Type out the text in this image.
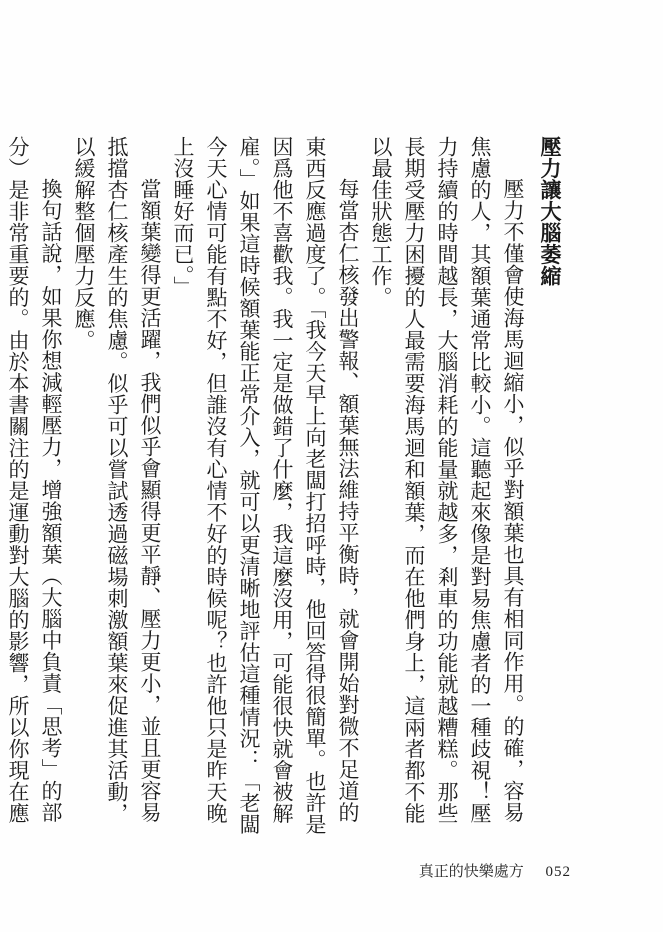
壓力讓大腦萎縮

壓力不僅會使海馬迴縮小，似乎對額葉也具有相同作用。的確，容易焦慮的人，其額葉通常比較小。這聽起來像是對易焦慮者的一種歧視！壓力持續的時間越長，大腦消耗的能量就越多，剎車的功能就越糟糕。那些長期受壓力困擾的人最需要海馬迴和額葉，而在他們身上，這兩者都不能以最佳狀態工作。

每當杏仁核發出警報、額葉無法維持平衡時，就會開始對微不足道的東西反應過度了。「我今天早上向老闆打招呼時，他回答得很簡單。也許是因爲他不喜歡我。我一定是做錯了什麼，我這麼沒用，可能很快就會被解雇。」如果這時候額葉能正常介入，就可以更清晰地評估這種情況：「老闆今天心情可能有點不好，但誰沒有心情不好的時候呢？也許他只是昨天晚上沒睡好而已。」

當額葉變得更活躍，我們似乎會顯得更平靜、壓力更小，並且更容易抵擋杏仁核產生的焦慮。似乎可以嘗試透過磁場刺激額葉來促進其活動，以緩解整個壓力反應。

換句話說，如果你想減輕壓力，增強額葉（大腦中負責「思考」的部分）是非常重要的。由於本書關注的是運動對大腦的影響，所以你現在應

真正的快樂處方 052
